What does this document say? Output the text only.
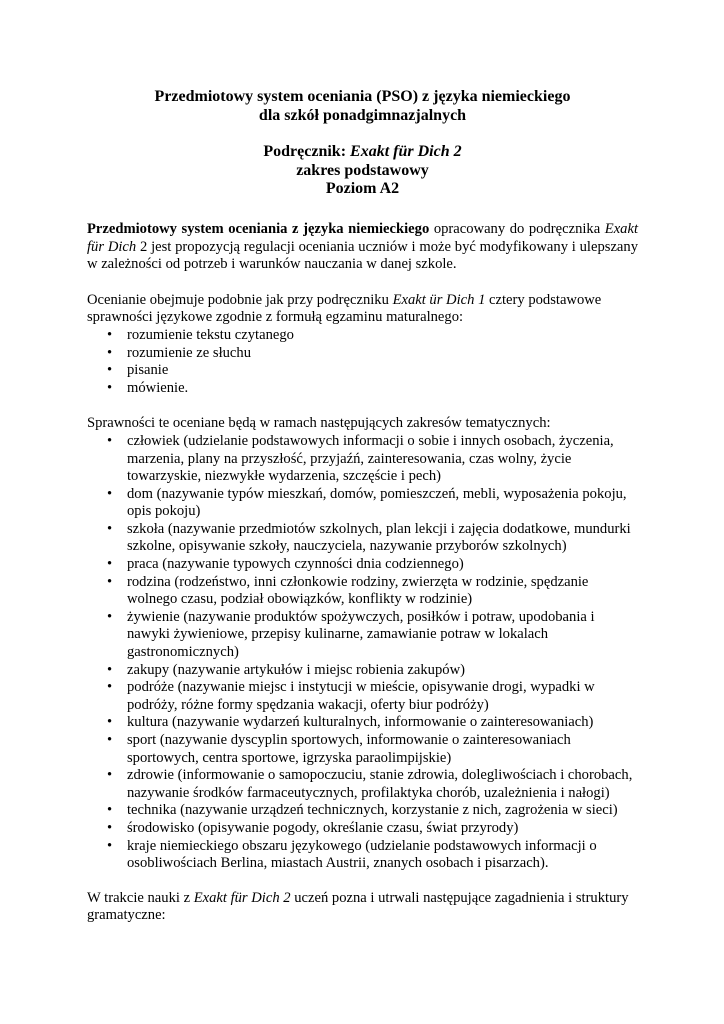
Przedmiotowy system oceniania (PSO) z języka niemieckiego
dla szkół ponadgimnazjalnych
Podręcznik: Exakt für Dich 2
zakres podstawowy
Poziom A2

Przedmiotowy system oceniania z języka niemieckiego opracowany do podręcznika Exakt für Dich 2 jest propozycją regulacji oceniania uczniów i może być modyfikowany i ulepszany w zależności od potrzeb i warunków nauczania w danej szkole.

Ocenianie obejmuje podobnie jak przy podręczniku Exakt ür Dich 1 cztery podstawowe sprawności językowe zgodnie z formułą egzaminu maturalnego:

• rozumienie tekstu czytanego
• rozumienie ze słuchu
• pisanie
• mówienie.

Sprawności te oceniane będą w ramach następujących zakresów tematycznych:

• człowiek (udzielanie podstawowych informacji o sobie i innych osobach, życzenia, marzenia, plany na przyszłość, przyjaźń, zainteresowania, czas wolny, życie towarzyskie, niezwykłe wydarzenia, szczęście i pech)
• dom (nazywanie typów mieszkań, domów, pomieszczeń, mebli, wyposażenia pokoju, opis pokoju)
• szkoła (nazywanie przedmiotów szkolnych, plan lekcji i zajęcia dodatkowe, mundurki szkolne, opisywanie szkoły, nauczyciela, nazywanie przyborów szkolnych)
• praca (nazywanie typowych czynności dnia codziennego)
• rodzina (rodzeństwo, inni członkowie rodziny, zwierzęta w rodzinie, spędzanie wolnego czasu, podział obowiązków, konflikty w rodzinie)
• żywienie (nazywanie produktów spożywczych, posiłków i potraw, upodobania i nawyki żywieniowe, przepisy kulinarne, zamawianie potraw w lokalach gastronomicznych)
• zakupy (nazywanie artykułów i miejsc robienia zakupów)
• podróże (nazywanie miejsc i instytucji w mieście, opisywanie drogi, wypadki w podróży, różne formy spędzania wakacji, oferty biur podróży)
• kultura (nazywanie wydarzeń kulturalnych, informowanie o zainteresowaniach)
• sport (nazywanie dyscyplin sportowych, informowanie o zainteresowaniach sportowych, centra sportowe, igrzyska paraolimpijskie)
• zdrowie (informowanie o samopoczuciu, stanie zdrowia, dolegliwościach i chorobach, nazywanie środków farmaceutycznych, profilaktyka chorób, uzależnienia i nałogi)
• technika (nazywanie urządzeń technicznych, korzystanie z nich, zagrożenia w sieci)
• środowisko (opisywanie pogody, określanie czasu, świat przyrody)
• kraje niemieckiego obszaru językowego (udzielanie podstawowych informacji o osobliwościach Berlina, miastach Austrii, znanych osobach i pisarzach).

W trakcie nauki z Exakt für Dich 2 uczeń pozna i utrwali następujące zagadnienia i struktury gramatyczne:
